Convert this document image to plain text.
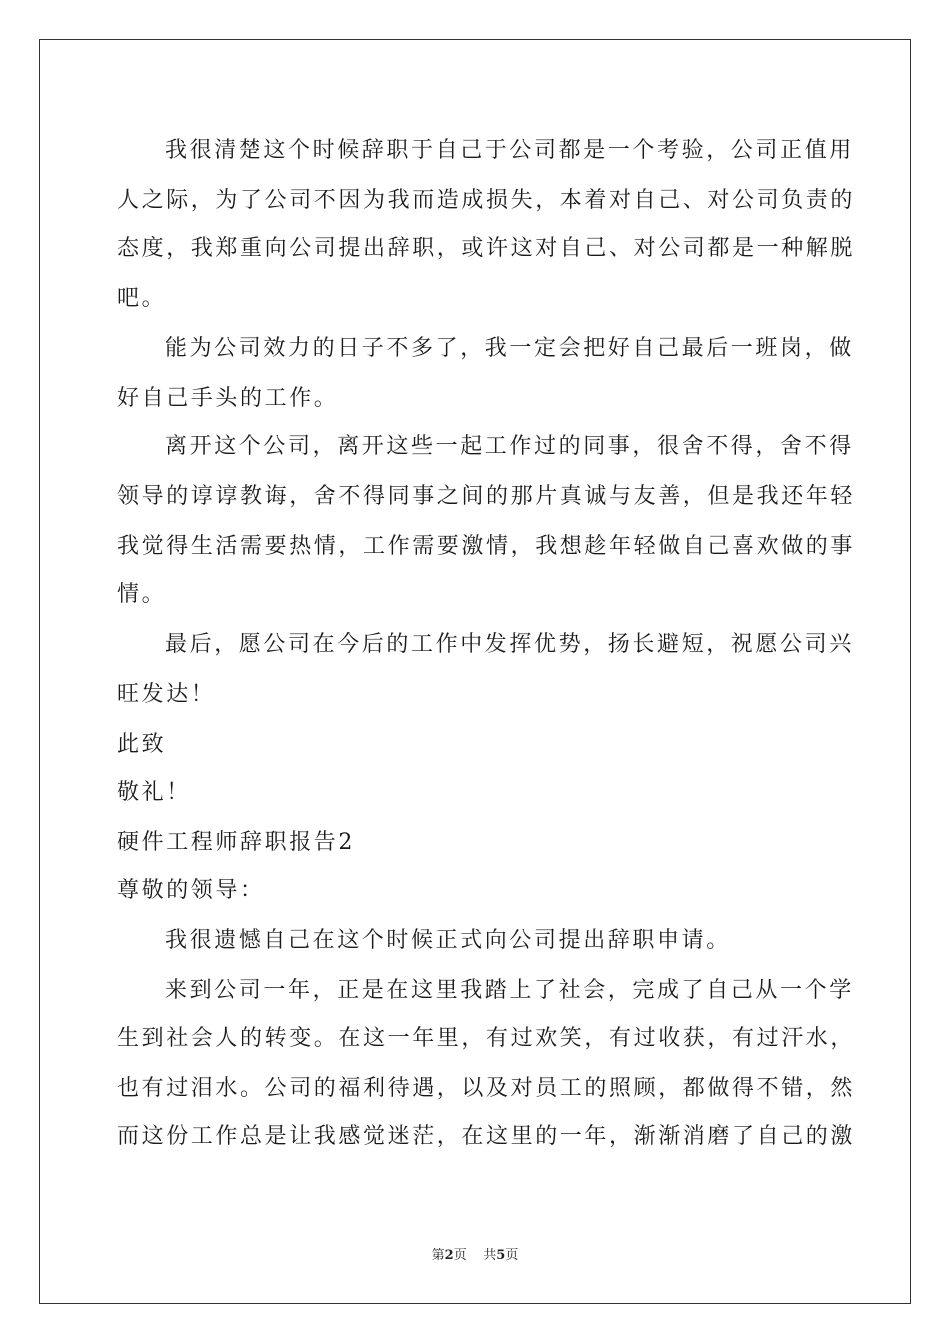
我很清楚这个时候辞职于自己于公司都是一个考验，公司正值用
人之际，为了公司不因为我而造成损失，本着对自己、对公司负责的
态度，我郑重向公司提出辞职，或许这对自己、对公司都是一种解脱
吧。
能为公司效力的日子不多了，我一定会把好自己最后一班岗，做
好自己手头的工作。
离开这个公司，离开这些一起工作过的同事，很舍不得，舍不得
领导的谆谆教诲，舍不得同事之间的那片真诚与友善，但是我还年轻
我觉得生活需要热情，工作需要激情，我想趁年轻做自己喜欢做的事
情。
最后，愿公司在今后的工作中发挥优势，扬长避短，祝愿公司兴
旺发达！
此致
敬礼！
硬件工程师辞职报告2
尊敬的领导：
我很遗憾自己在这个时候正式向公司提出辞职申请。
来到公司一年，正是在这里我踏上了社会，完成了自己从一个学
生到社会人的转变。在这一年里，有过欢笑，有过收获，有过汗水，
也有过泪水。公司的福利待遇，以及对员工的照顾，都做得不错，然
而这份工作总是让我感觉迷茫，在这里的一年，渐渐消磨了自己的激
第2页 共5页
